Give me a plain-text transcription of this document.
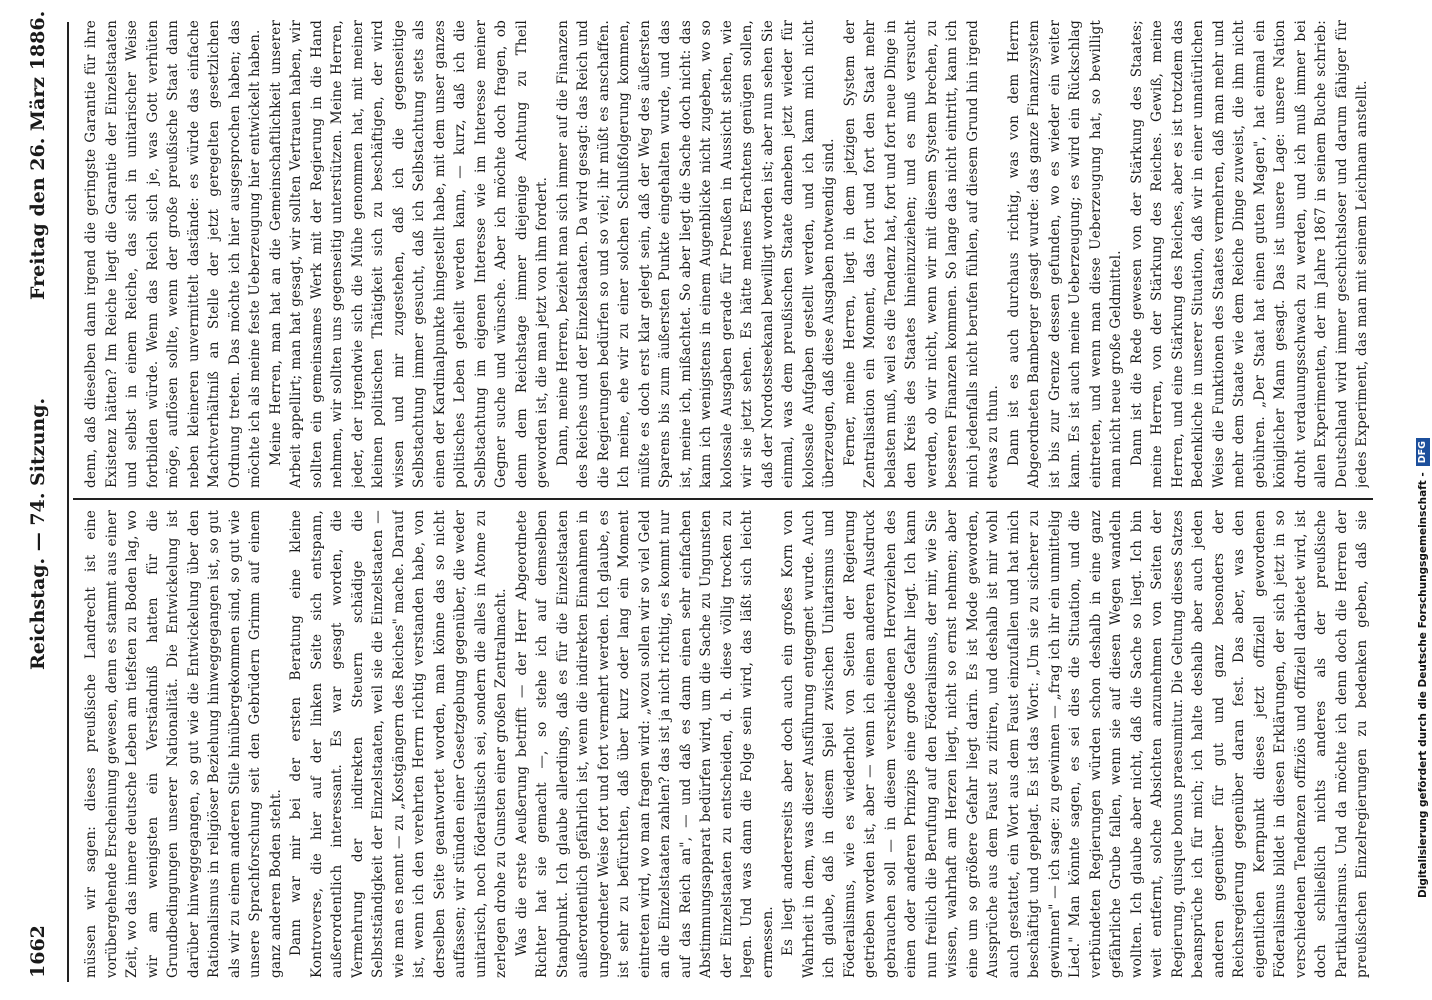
1662
Reichstag. — 74. Sitzung.
Freitag den 26. März 1886.

müssen wir sagen: dieses preußische Landrecht ist eine vorübergehende Erscheinung gewesen, denn es stammt aus einer Zeit, wo das innere deutsche Leben am tiefsten zu Boden lag, wo wir am wenigsten ein Verständniß hatten für die Grundbedingungen unserer Nationalität. Die Entwickelung ist darüber hinweggegangen, so gut wie die Entwickelung über den Rationalismus in religiöser Beziehung hinweggegangen ist, so gut als wir zu einem anderen Stile hinübergekommen sind, so gut wie unsere Sprachforschung seit den Gebrüdern Grimm auf einem ganz anderen Boden steht. Dann war mir bei der ersten Beratung eine kleine Kontroverse, die hier auf der linken Seite sich entspann, außerordentlich interessant. Es war gesagt worden, die Vermehrung der indirekten Steuern schädige die Selbstständigkeit der Einzelstaaten, weil sie die Einzelstaaten — wie man es nennt — zu „Kostgängern des Reiches" mache. Darauf ist, wenn ich den verehrten Herrn richtig verstanden habe, von derselben Seite geantwortet worden, man könne das so nicht auffassen; wir stünden einer Gesetzgebung gegenüber, die weder unitarisch, noch föderalistisch sei, sondern die alles in Atome zu zerlegen drohe zu Gunsten einer großen Zentralmacht. Was die erste Aeußerung betrifft — der Herr Abgeordnete Richter hat sie gemacht —, so stehe ich auf demselben Standpunkt. Ich glaube allerdings, daß es für die Einzelstaaten außerordentlich gefährlich ist, wenn die indirekten Einnahmen in ungeordneter Weise fort und fort vermehrt werden. Ich glaube, es ist sehr zu befürchten, daß über kurz oder lang ein Moment eintreten wird, wo man fragen wird: „wozu sollen wir so viel Geld an die Einzelstaaten zahlen? das ist ja nicht richtig, es kommt nur auf das Reich an", — und daß es dann einen sehr einfachen Abstimmungsapparat bedürfen wird, um die Sache zu Ungunsten der Einzelstaaten zu entscheiden, d. h. diese völlig trocken zu legen. Und was dann die Folge sein wird, das läßt sich leicht ermessen. Es liegt andererseits aber doch auch ein großes Korn von Wahrheit in dem, was dieser Ausführung entgegnet wurde. Auch ich glaube, daß in diesem Spiel zwischen Unitarismus und Föderalismus, wie es wiederholt von Seiten der Regierung getrieben worden ist, aber — wenn ich einen anderen Ausdruck gebrauchen soll — in diesem verschiedenen Hervorziehen des einen oder anderen Prinzips eine große Gefahr liegt. Ich kann nun freilich die Berufung auf den Föderalismus, der mir, wie Sie wissen, wahrhaft am Herzen liegt, nicht so ernst nehmen; aber eine um so größere Gefahr liegt darin. Es ist Mode geworden, Aussprüche aus dem Faust zu zitiren, und deshalb ist mir wohl auch gestattet, ein Wort aus dem Faust einzufallen und hat mich beschäftigt und geplagt. Es ist das Wort: „Um sie zu sicherer zu gewinnen" — ich sage: zu gewinnen — „frag ich ihr ein unmittelig Lied." Man könnte sagen, es sei dies die Situation, und die verbündeten Regierungen würden schon deshalb in eine ganz gefährliche Grube fallen, wenn sie auf diesen Wegen wandeln wollten. Ich glaube aber nicht, daß die Sache so liegt. Ich bin weit entfernt, solche Absichten anzunehmen von Seiten der Regierung, quisque bonus praesumitur. Die Geltung dieses Satzes beansprüche ich für mich; ich halte deshalb aber auch jeden anderen gegenüber für gut und ganz besonders der Reichsregierung gegenüber daran fest. Das aber, was den eigentlichen Kernpunkt dieses jetzt offiziell gewordenen Föderalismus bildet in diesen Erklärungen, der sich jetzt in so verschiedenen Tendenzen offiziös und offiziell darbietet wird, ist doch schließlich nichts anderes als der preußische Partikularismus. Und da möchte ich denn doch die Herren der preußischen Einzelregierungen zu bedenken geben, daß sie

denn, daß dieselben dann irgend die geringste Garantie für ihre Existenz hätten? Im Reiche liegt die Garantie der Einzelstaaten und selbst in einem Reiche, das sich in unitarischer Weise fortbilden würde. Wenn das Reich sich je, was Gott verhüten möge, auflösen sollte, wenn der große preußische Staat dann neben kleineren unvermittelt dastände: es würde das einfache Machtverhältniß an Stelle der jetzt geregelten gesetzlichen Ordnung treten. Das möchte ich hier ausgesprochen haben; das möchte ich als meine feste Ueberzeugung hier entwickelt haben. Meine Herren, man hat an die Gemeinschaftlichkeit unserer Arbeit appellirt; man hat gesagt, wir sollten Vertrauen haben, wir sollten ein gemeinsames Werk mit der Regierung in die Hand nehmen, wir sollten uns gegenseitig unterstützen. Meine Herren, jeder, der irgendwie sich die Mühe genommen hat, mit meiner kleinen politischen Thätigkeit sich zu beschäftigen, der wird wissen und mir zugestehen, daß ich die gegenseitige Selbstachtung immer gesucht, daß ich Selbstachtung stets als einen der Kardinalpunkte hingestellt habe, mit dem unser ganzes politisches Leben geheilt werden kann, — kurz, daß ich die Selbstachtung im eigenen Interesse wie im Interesse meiner Gegner suche und wünsche. Aber ich möchte doch fragen, ob denn dem Reichstage immer diejenige Achtung zu Theil geworden ist, die man jetzt von ihm fordert. Dann, meine Herren, bezieht man sich immer auf die Finanzen des Reiches und der Einzelstaaten. Da wird gesagt: das Reich und die Regierungen bedürfen so und so viel; ihr müßt es anschaffen. Ich meine, ehe wir zu einer solchen Schlußfolgerung kommen, müßte es doch erst klar gelegt sein, daß der Weg des äußersten Sparens bis zum äußersten Punkte eingehalten wurde, und das ist, meine ich, mißachtet. So aber liegt die Sache doch nicht: das kann ich wenigstens in einem Augenblicke nicht zugeben, wo so kolossale Ausgaben gerade für Preußen in Aussicht stehen, wie wir sie jetzt sehen. Es hätte meines Erachtens genügen sollen, daß der Nordostseekanal bewilligt worden ist; aber nun sehen Sie einmal, was dem preußischen Staate daneben jetzt wieder für kolossale Aufgaben gestellt werden, und ich kann mich nicht überzeugen, daß diese Ausgaben notwendig sind. Ferner, meine Herren, liegt in dem jetzigen System der Zentralisation ein Moment, das fort und fort den Staat mehr belasten muß, weil es die Tendenz hat, fort und fort neue Dinge in den Kreis des Staates hineinzuziehen; und es muß versucht werden, ob wir nicht, wenn wir mit diesem System brechen, zu besseren Finanzen kommen. So lange das nicht eintritt, kann ich mich jedenfalls nicht berufen fühlen, auf diesem Grund hin irgend etwas zu thun. Dann ist es auch durchaus richtig, was von dem Herrn Abgeordneten Bamberger gesagt wurde: das ganze Finanzsystem ist bis zur Grenze dessen gefunden, wo es wieder ein weiter kann. Es ist auch meine Ueberzeugung; es wird ein Rückschlag eintreten, und wenn man diese Ueberzeugung hat, so bewilligt man nicht neue große Geldmittel. Dann ist die Rede gewesen von der Stärkung des Staates; meine Herren, von der Stärkung des Reiches. Gewiß, meine Herren, und eine Stärkung des Reiches, aber es ist trotzdem das Bedenkliche in unserer Situation, daß wir in einer unnatürlichen Weise die Funktionen des Staates vermehren, daß man mehr und mehr dem Staate wie dem Reiche Dinge zuweist, die ihm nicht gebühren. „Der Staat hat einen guten Magen", hat einmal ein königlicher Mann gesagt. Das ist unsere Lage: unsere Nation droht verdauungsschwach zu werden, und ich muß immer bei allen Experimenten, der im Jahre 1867 in seinem Buche schrieb: Deutschland wird immer geschichtsloser und darum fähiger für jedes Experiment, das man mit seinem Leichnam anstellt.

Digitalisierung gefördert durch die Deutsche Forschungsgemeinschaft -
DFG
